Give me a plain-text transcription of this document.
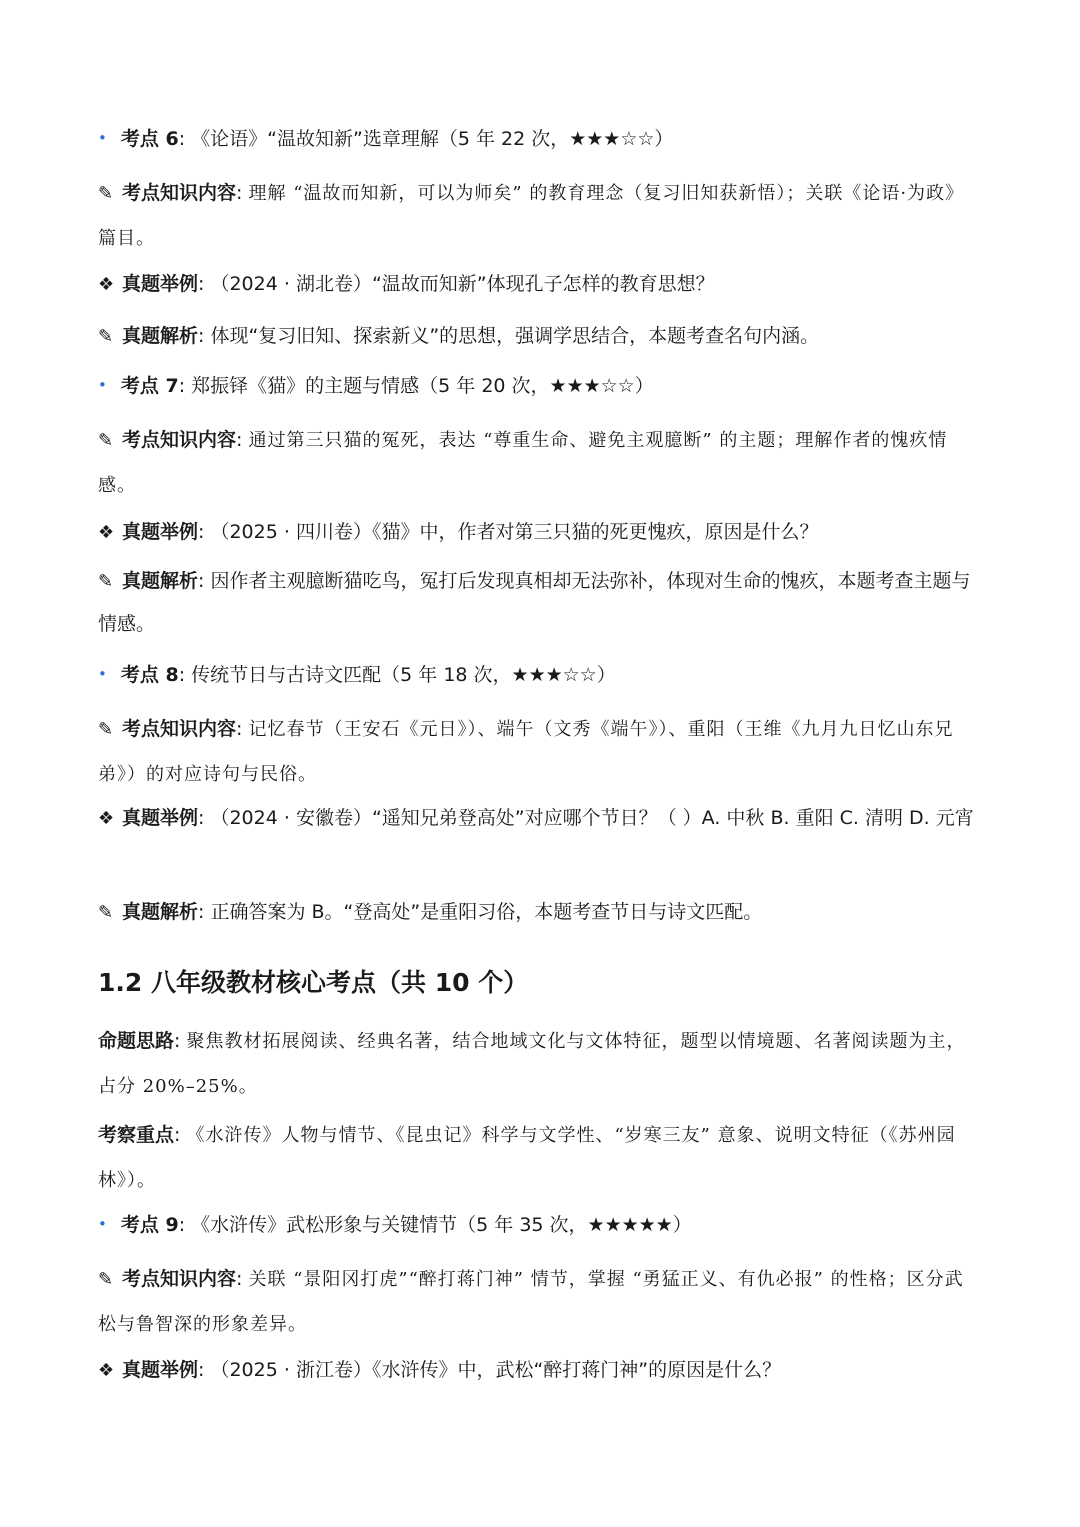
• 考点 6: 《论语》“温故知新”选章理解（5 年 22 次，★★★☆☆）
✎ 考点知识内容: 理解 “温故而知新，可以为师矣” 的教育理念（复习旧知获新悟）；关联《论语·为政》篇目。
❖ 真题举例: （2024 · 湖北卷）“温故而知新”体现孔子怎样的教育思想？
✎ 真题解析: 体现“复习旧知、探索新义”的思想，强调学思结合，本题考查名句内涵。
• 考点 7: 郑振铎《猫》的主题与情感（5 年 20 次，★★★☆☆）
✎ 考点知识内容: 通过第三只猫的冤死，表达 “尊重生命、避免主观臆断” 的主题；理解作者的愧疚情感。
❖ 真题举例: （2025 · 四川卷）《猫》中，作者对第三只猫的死更愧疚，原因是什么？
✎ 真题解析: 因作者主观臆断猫吃鸟，冤打后发现真相却无法弥补，体现对生命的愧疚，本题考查主题与情感。
• 考点 8: 传统节日与古诗文匹配（5 年 18 次，★★★☆☆）
✎ 考点知识内容: 记忆春节（王安石《元日》）、端午（文秀《端午》）、重阳（王维《九月九日忆山东兄弟》）的对应诗句与民俗。
❖ 真题举例: （2024 · 安徽卷）“遥知兄弟登高处”对应哪个节日？（ ）A. 中秋 B. 重阳 C. 清明 D. 元宵
✎ 真题解析: 正确答案为 B。“登高处”是重阳习俗，本题考查节日与诗文匹配。
1.2 八年级教材核心考点（共 10 个）
命题思路: 聚焦教材拓展阅读、经典名著，结合地域文化与文体特征，题型以情境题、名著阅读题为主，占分 20%–25%。
考察重点: 《水浒传》人物与情节、《昆虫记》科学与文学性、“岁寒三友” 意象、说明文特征（《苏州园林》）。
• 考点 9: 《水浒传》武松形象与关键情节（5 年 35 次，★★★★★）
✎ 考点知识内容: 关联 “景阳冈打虎”“醉打蒋门神” 情节，掌握 “勇猛正义、有仇必报” 的性格；区分武松与鲁智深的形象差异。
❖ 真题举例: （2025 · 浙江卷）《水浒传》中，武松“醉打蒋门神”的原因是什么？
